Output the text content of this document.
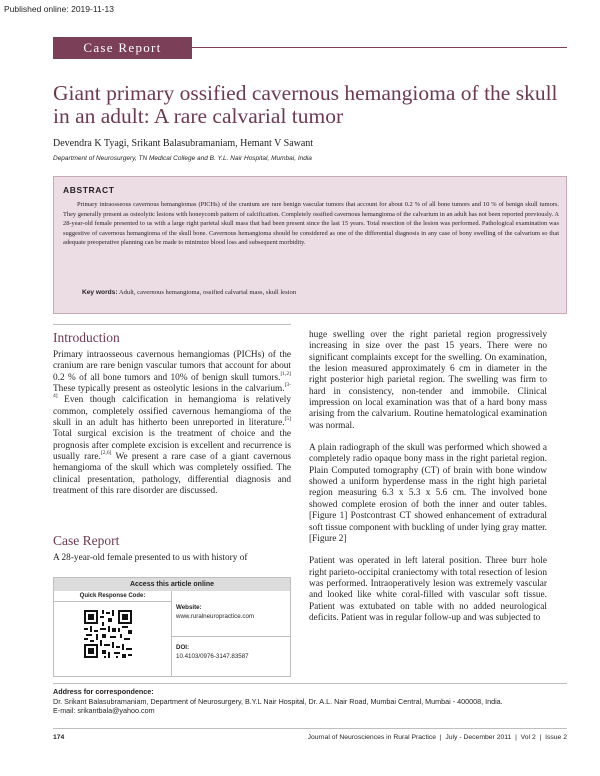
Published online: 2019-11-13
Case Report
Giant primary ossified cavernous hemangioma of the skull in an adult: A rare calvarial tumor
Devendra K Tyagi, Srikant Balasubramaniam, Hemant V Sawant
Department of Neurosurgery, TN Medical College and B. Y.L. Nair Hospital, Mumbai, India
ABSTRACT
Primary intraosseous cavernous hemangiomas (PICHs) of the cranium are rare benign vascular tumors that account for about 0.2 % of all bone tumors and 10 % of benign skull tumors. They generally present as osteolytic lesions with honeycomb pattern of calcification. Completely ossified cavernous hemangioma of the calvarium in an adult has not been reported previously. A 28-year-old female presented to us with a large right parietal skull mass that had been present since the last 15 years. Total resection of the lesion was performed. Pathological examination was suggestive of cavernous hemangioma of the skull bone. Cavernous hemangioma should be considered as one of the differential diagnosis in any case of bony swelling of the calvarium so that adequate preoperative planning can be made to minimize blood loss and subsequent morbidity.
Key words: Adult, cavernous hemangioma, ossified calvarial mass, skull lesion
Introduction

Primary intraosseous cavernous hemangiomas (PICHs) of the cranium are rare benign vascular tumors that account for about 0.2 % of all bone tumors and 10% of benign skull tumors.[1,2] These typically present as osteolytic lesions in the calvarium.[3-4] Even though calcification in hemangioma is relatively common, completely ossified cavernous hemangioma of the skull in an adult has hitherto been unreported in literature.[5] Total surgical excision is the treatment of choice and the prognosis after complete excision is excellent and recurrence is usually rare.[2,6] We present a rare case of a giant cavernous hemangioma of the skull which was completely ossified. The clinical presentation, pathology, differential diagnosis and treatment of this rare disorder are discussed.

Case Report
A 28-year-old female presented to us with history of
Access this article online
Quick Response Code:
Website:
www.ruralneuropractice.com
DOI:
10.4103/0976-3147.83587

huge swelling over the right parietal region progressively increasing in size over the past 15 years. There were no significant complaints except for the swelling. On examination, the lesion measured approximately 6 cm in diameter in the right posterior high parietal region. The swelling was firm to hard in consistency, non-tender and immobile. Clinical impression on local examination was that of a hard bony mass arising from the calvarium. Routine hematological examination was normal.

A plain radiograph of the skull was performed which showed a completely radio opaque bony mass in the right parietal region. Plain Computed tomography (CT) of brain with bone window showed a uniform hyperdense mass in the right high parietal region measuring 6.3 x 5.3 x 5.6 cm. The involved bone showed complete erosion of both the inner and outer tables. [Figure 1] Postcontrast CT showed enhancement of extradural soft tissue component with buckling of under lying gray matter. [Figure 2]

Patient was operated in left lateral position. Three burr hole right parieto-occipital craniectomy with total resection of lesion was performed. Intraoperatively lesion was extremely vascular and looked like white coral-filled with vascular soft tissue. Patient was extubated on table with no added neurological deficits. Patient was in regular follow-up and was subjected to

Address for correspondence:
Dr. Srikant Balasubramaniam, Department of Neurosurgery, B.Y.L Nair Hospital, Dr. A.L. Nair Road, Mumbai Central, Mumbai - 400008, India.
E-mail: srikantbala@yahoo.com
174	Journal of Neurosciences in Rural Practice  |  July - December 2011  |  Vol 2  |  Issue 2
